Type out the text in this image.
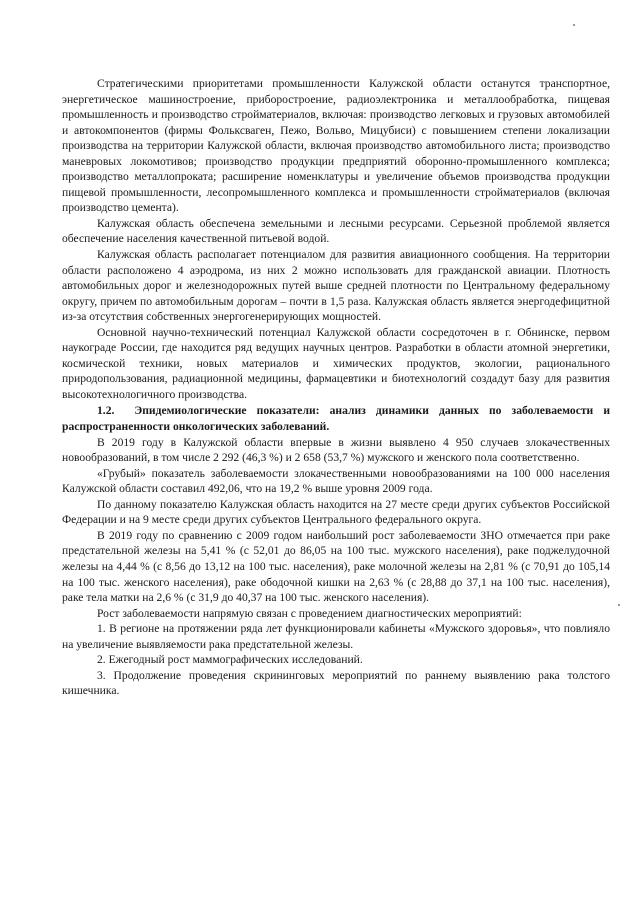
Стратегическими приоритетами промышленности Калужской области останутся транспортное, энергетическое машиностроение, приборостроение, радиоэлектроника и металлообработка, пищевая промышленность и производство стройматериалов, включая: производство легковых и грузовых автомобилей и автокомпонентов (фирмы Фольксваген, Пежо, Вольво, Мицубиси) с повышением степени локализации производства на территории Калужской области, включая производство автомобильного листа; производство маневровых локомотивов; производство продукции предприятий оборонно-промышленного комплекса; производство металлопроката; расширение номенклатуры и увеличение объемов производства продукции пищевой промышленности, лесопромышленного комплекса и промышленности стройматериалов (включая производство цемента).

Калужская область обеспечена земельными и лесными ресурсами. Серьезной проблемой является обеспечение населения качественной питьевой водой.

Калужская область располагает потенциалом для развития авиационного сообщения. На территории области расположено 4 аэродрома, из них 2 можно использовать для гражданской авиации. Плотность автомобильных дорог и железнодорожных путей выше средней плотности по Центральному федеральному округу, причем по автомобильным дорогам – почти в 1,5 раза. Калужская область является энергодефицитной из-за отсутствия собственных энергогенерирующих мощностей.

Основной научно-технический потенциал Калужской области сосредоточен в г. Обнинске, первом наукограде России, где находится ряд ведущих научных центров. Разработки в области атомной энергетики, космической техники, новых материалов и химических продуктов, экологии, рационального природопользования, радиационной медицины, фармацевтики и биотехнологий создадут базу для развития высокотехнологичного производства.

1.2. Эпидемиологические показатели: анализ динамики данных по заболеваемости и распространенности онкологических заболеваний.

В 2019 году в Калужской области впервые в жизни выявлено 4 950 случаев злокачественных новообразований, в том числе 2 292 (46,3 %) и 2 658 (53,7 %) мужского и женского пола соответственно.

«Грубый» показатель заболеваемости злокачественными новообразованиями на 100 000 населения Калужской области составил 492,06, что на 19,2 % выше уровня 2009 года.

По данному показателю Калужская область находится на 27 месте среди других субъектов Российской Федерации и на 9 месте среди других субъектов Центрального федерального округа.

В 2019 году по сравнению с 2009 годом наибольший рост заболеваемости ЗНО отмечается при раке предстательной железы на 5,41 % (с 52,01 до 86,05 на 100 тыс. мужского населения), раке поджелудочной железы на 4,44 % (с 8,56 до 13,12 на 100 тыс. населения), раке молочной железы на 2,81 % (с 70,91 до 105,14 на 100 тыс. женского населения), раке ободочной кишки на 2,63 % (с 28,88 до 37,1 на 100 тыс. населения), раке тела матки на 2,6 % (с 31,9 до 40,37 на 100 тыс. женского населения).

Рост заболеваемости напрямую связан с проведением диагностических мероприятий:

1. В регионе на протяжении ряда лет функционировали кабинеты «Мужского здоровья», что повлияло на увеличение выявляемости рака предстательной железы.

2. Ежегодный рост маммографических исследований.

3. Продолжение проведения скрининговых мероприятий по раннему выявлению рака толстого кишечника.
